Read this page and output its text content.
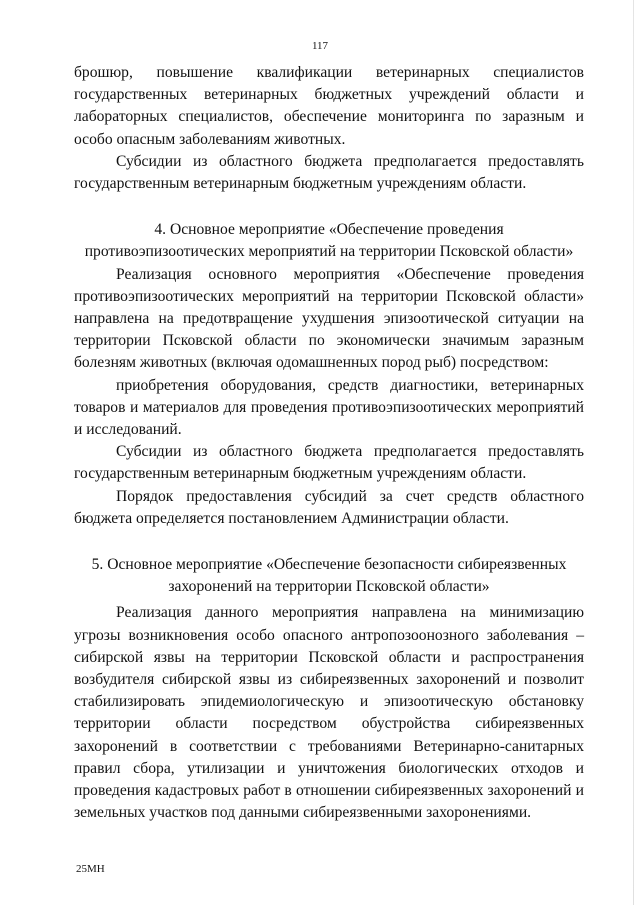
117

брошюр, повышение квалификации ветеринарных специалистов государственных ветеринарных бюджетных учреждений области и лабораторных специалистов, обеспечение мониторинга по заразным и особо опасным заболеваниям животных.

Субсидии из областного бюджета предполагается предоставлять государственным ветеринарным бюджетным учреждениям области.

4. Основное мероприятие «Обеспечение проведения противоэпизоотических мероприятий на территории Псковской области»

Реализация основного мероприятия «Обеспечение проведения противоэпизоотических мероприятий на территории Псковской области» направлена на предотвращение ухудшения эпизоотической ситуации на территории Псковской области по экономически значимым заразным болезням животных (включая одомашненных пород рыб) посредством:

приобретения оборудования, средств диагностики, ветеринарных товаров и материалов для проведения противоэпизоотических мероприятий и исследований.

Субсидии из областного бюджета предполагается предоставлять государственным ветеринарным бюджетным учреждениям области.

Порядок предоставления субсидий за счет средств областного бюджета определяется постановлением Администрации области.

5. Основное мероприятие «Обеспечение безопасности сибиреязвенных захоронений на территории Псковской области»

Реализация данного мероприятия направлена на минимизацию угрозы возникновения особо опасного антропозоонозного заболевания – сибирской язвы на территории Псковской области и распространения возбудителя сибирской язвы из сибиреязвенных захоронений и позволит стабилизировать эпидемиологическую и эпизоотическую обстановку территории области посредством обустройства сибиреязвенных захоронений в соответствии с требованиями Ветеринарно-санитарных правил сбора, утилизации и уничтожения биологических отходов и проведения кадастровых работ в отношении сибиреязвенных захоронений и земельных участков под данными сибиреязвенными захоронениями.

25МН
